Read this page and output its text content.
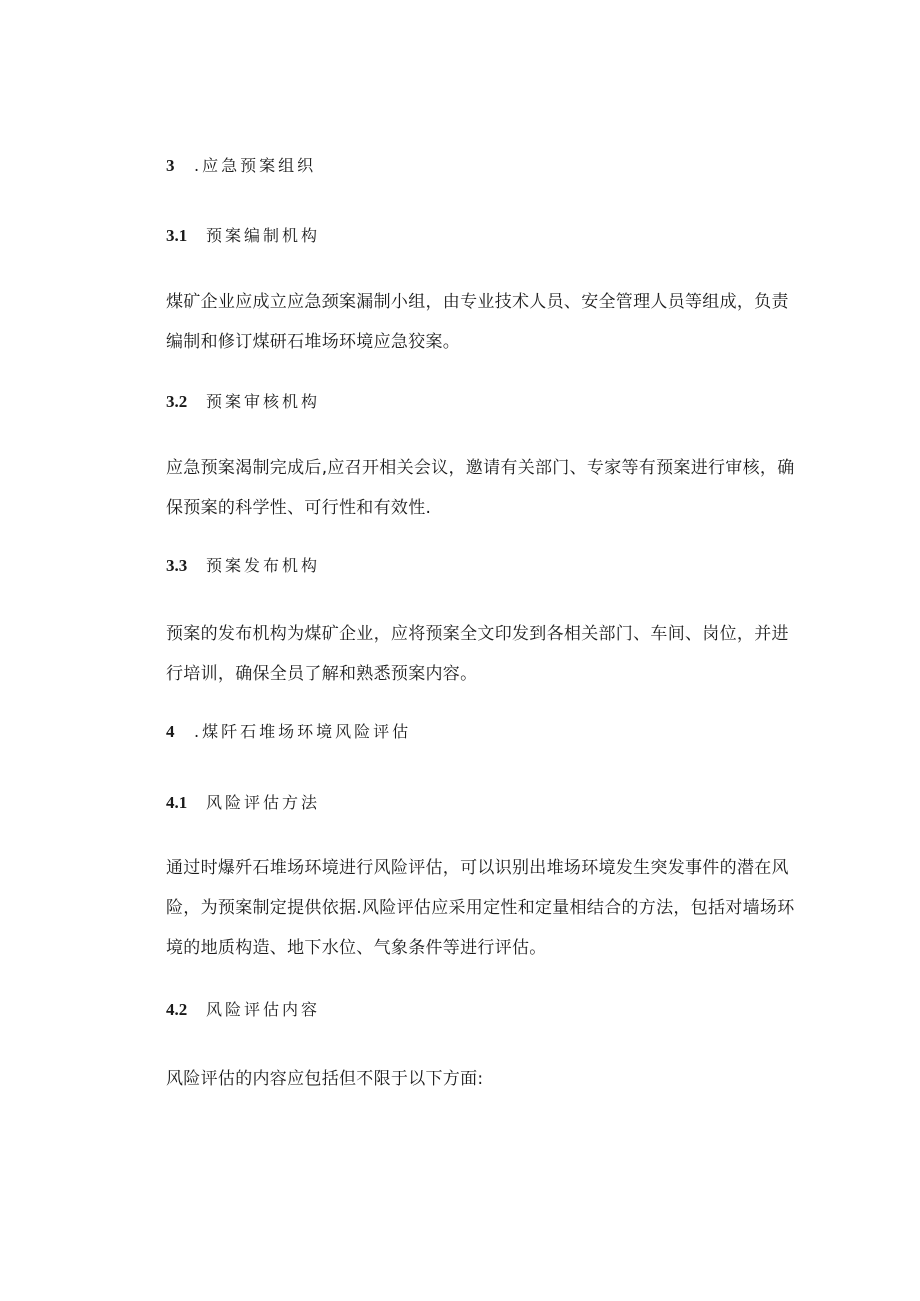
3 .应急预案组织
3.1 预案编制机构

煤矿企业应成立应急颈案漏制小组，由专业技术人员、安全管理人员等组成，负责编制和修订煤研石堆场环境应急狡案。

3.2 预案审核机构

应急预案渴制完成后,应召开相关会议，邀请有关部门、专家等有预案进行审核，确保预案的科学性、可行性和有效性.

3.3 预案发布机构

预案的发布机构为煤矿企业，应将预案全文印发到各相关部门、车间、岗位，并进行培训，确保全员了解和熟悉预案内容。

4 .煤阡石堆场环境风险评估
4.1 风险评估方法

通过时爆歼石堆场环境进行风险评估，可以识别出堆场环境发生突发事件的潜在风险，为预案制定提供依据.风险评估应采用定性和定量相结合的方法，包括对墙场环境的地质构造、地下水位、气象条件等进行评估。

4.2 风险评估内容

风险评估的内容应包括但不限于以下方面:
